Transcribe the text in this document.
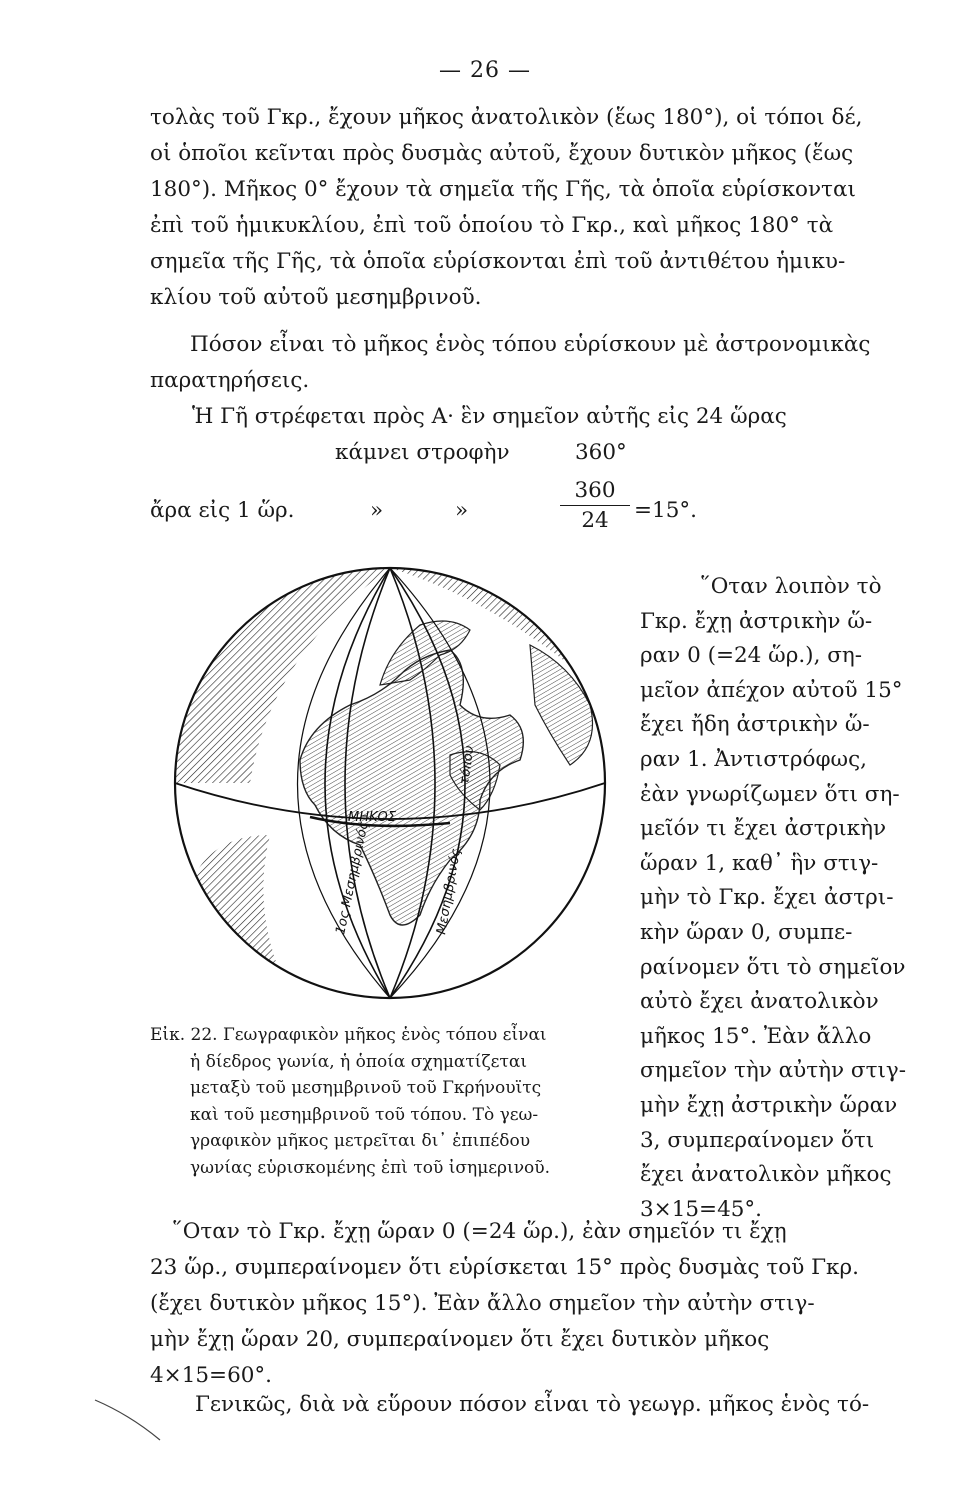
— 26 —
τολὰς τοῦ Γκρ., ἔχουν μῆκος ἀνατολικὸν (ἕως 180°), οἱ τόποι δέ,
οἱ ὁποῖοι κεῖνται πρὸς δυσμὰς αὐτοῦ, ἔχουν δυτικὸν μῆκος (ἕως
180°). Μῆκος 0° ἔχουν τὰ σημεῖα τῆς Γῆς, τὰ ὁποῖα εὑρίσκονται
ἐπὶ τοῦ ἡμικυκλίου, ἐπὶ τοῦ ὁποίου τὸ Γκρ., καὶ μῆκος 180° τὰ
σημεῖα τῆς Γῆς, τὰ ὁποῖα εὑρίσκονται ἐπὶ τοῦ ἀντιθέτου ἡμικυ-
κλίου τοῦ αὐτοῦ μεσημβρινοῦ.
Πόσον εἶναι τὸ μῆκος ἑνὸς τόπου εὑρίσκουν μὲ ἀστρονομικὰς
παρατηρήσεις.
Ἡ Γῆ στρέφεται πρὸς Α· ἓν σημεῖον αὐτῆς εἰς 24 ὥρας
κάμνει στροφὴν	360°
ἄρα εἰς 1 ὥρ.	»	»	$\frac{360}{24} =15^\circ$.
ΜΗΚΟΣ
1ος Μεσημβρινός	Μεσημβρινός
τόπου
῞Οταν λοιπὸν τὸ
Γκρ. ἔχῃ ἀστρικὴν ὥ-
ραν 0 (=24 ὥρ.), ση-
μεῖον ἀπέχον αὐτοῦ 15°
ἔχει ἤδη ἀστρικὴν ὥ-
ραν 1. Ἀντιστρόφως,
ἐὰν γνωρίζωμεν ὅτι ση-
μεῖόν τι ἔχει ἀστρικὴν
ὥραν 1, καθ᾽ ἣν στιγ-
μὴν τὸ Γκρ. ἔχει ἀστρι-
κὴν ὥραν 0, συμπε-
ραίνομεν ὅτι τὸ σημεῖον
αὐτὸ ἔχει ἀνατολικὸν
μῆκος 15°. Ἐὰν ἄλλο
σημεῖον τὴν αὐτὴν στιγ-
μὴν ἔχῃ ἀστρικὴν ὥραν
3, συμπεραίνομεν ὅτι
ἔχει ἀνατολικὸν μῆκος
3×15=45°.
Εἰκ. 22. Γεωγραφικὸν μῆκος ἑνὸς τόπου εἶναι
ἡ δίεδρος γωνία, ἡ ὁποία σχηματίζεται
μεταξὺ τοῦ μεσημβρινοῦ τοῦ Γκρήνουϊτς
καὶ τοῦ μεσημβρινοῦ τοῦ τόπου. Τὸ γεω-
γραφικὸν μῆκος μετρεῖται δι᾽ ἐπιπέδου
γωνίας εὑρισκομένης ἐπὶ τοῦ ἰσημερινοῦ.
῞Οταν τὸ Γκρ. ἔχῃ ὥραν 0 (=24 ὥρ.), ἐὰν σημεῖόν τι ἔχῃ
23 ὥρ., συμπεραίνομεν ὅτι εὑρίσκεται 15° πρὸς δυσμὰς τοῦ Γκρ.
(ἔχει δυτικὸν μῆκος 15°). Ἐὰν ἄλλο σημεῖον τὴν αὐτὴν στιγ-
μὴν ἔχῃ ὥραν 20, συμπεραίνομεν ὅτι ἔχει δυτικὸν μῆκος
4×15=60°.
Γενικῶς, διὰ νὰ εὕρουν πόσον εἶναι τὸ γεωγρ. μῆκος ἑνὸς τό-
